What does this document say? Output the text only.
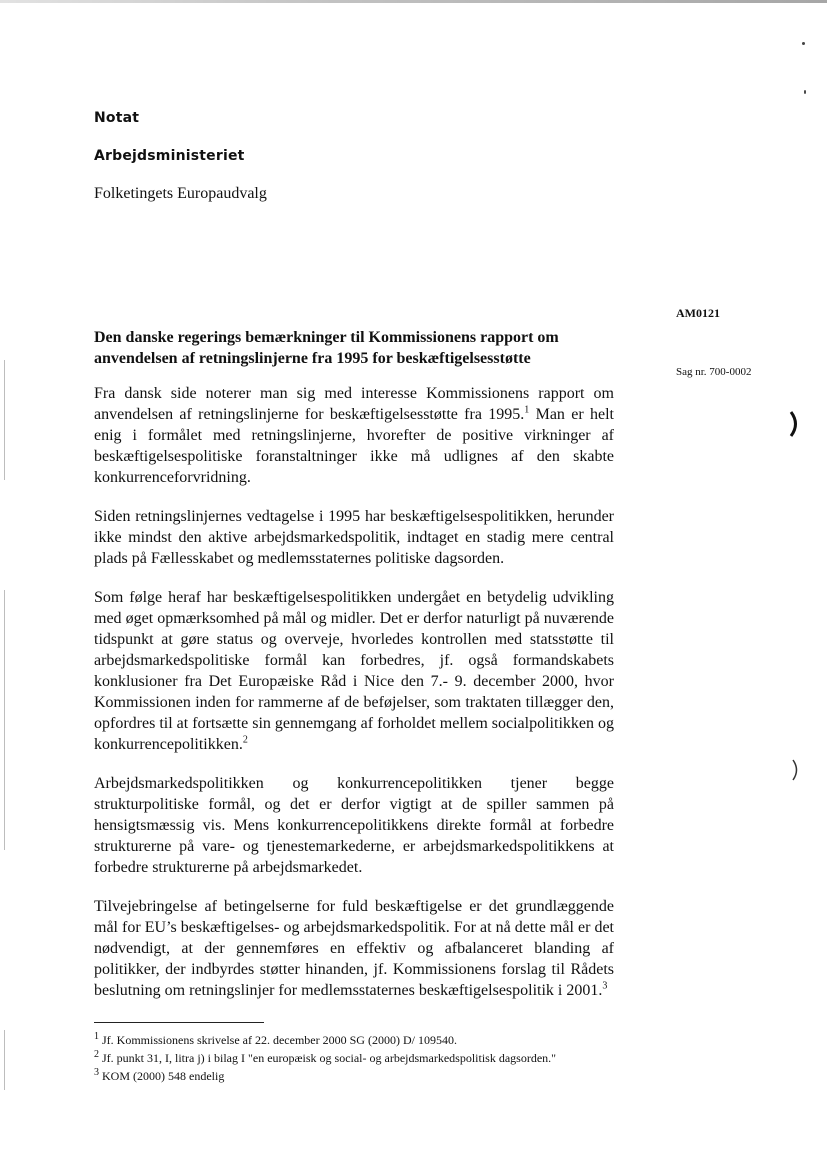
Notat
Arbejdsministeriet
Folketingets Europaudvalg
AM0121
Sag nr. 700-0002
Den danske regerings bemærkninger til Kommissionens rapport om anvendelsen af retningslinjerne fra 1995 for beskæftigelsesstøtte

Fra dansk side noterer man sig med interesse Kommissionens rapport om anvendelsen af retningslinjerne for beskæftigelsesstøtte fra 1995.$^1$ Man er helt enig i formålet med retningslinjerne, hvorefter de positive virkninger af beskæftigelsespolitiske foranstaltninger ikke må udlignes af den skabte konkurrenceforvridning.

Siden retningslinjernes vedtagelse i 1995 har beskæftigelsespolitikken, herunder ikke mindst den aktive arbejdsmarkedspolitik, indtaget en stadig mere central plads på Fællesskabet og medlemsstaternes politiske dagsorden.

Som følge heraf har beskæftigelsespolitikken undergået en betydelig udvikling med øget opmærksomhed på mål og midler. Det er derfor naturligt på nuværende tidspunkt at gøre status og overveje, hvorledes kontrollen med statsstøtte til arbejdsmarkedspolitiske formål kan forbedres, jf. også formandskabets konklusioner fra Det Europæiske Råd i Nice den 7.- 9. december 2000, hvor Kommissionen inden for rammerne af de beføjelser, som traktaten tillægger den, opfordres til at fortsætte sin gennemgang af forholdet mellem socialpolitikken og konkurrencepolitikken.$^2$

Arbejdsmarkedspolitikken og konkurrencepolitikken tjener begge strukturpolitiske formål, og det er derfor vigtigt at de spiller sammen på hensigtsmæssig vis. Mens konkurrencepolitikkens direkte formål at forbedre strukturerne på vare- og tjenestemarkederne, er arbejdsmarkedspolitikkens at forbedre strukturerne på arbejdsmarkedet.

Tilvejebringelse af betingelserne for fuld beskæftigelse er det grundlæggende mål for EU’s beskæftigelses- og arbejdsmarkedspolitik. For at nå dette mål er det nødvendigt, at der gennemføres en effektiv og afbalanceret blanding af politikker, der indbyrdes støtter hinanden, jf. Kommissionens forslag til Rådets beslutning om retningslinjer for medlemsstaternes beskæftigelsespolitik i 2001.$^3$

$^1$ Jf. Kommissionens skrivelse af 22. december 2000 SG (2000) D/ 109540.
$^2$ Jf. punkt 31, I, litra j) i bilag I "en europæisk og social- og arbejdsmarkedspolitisk dagsorden."
$^3$ KOM (2000) 548 endelig
